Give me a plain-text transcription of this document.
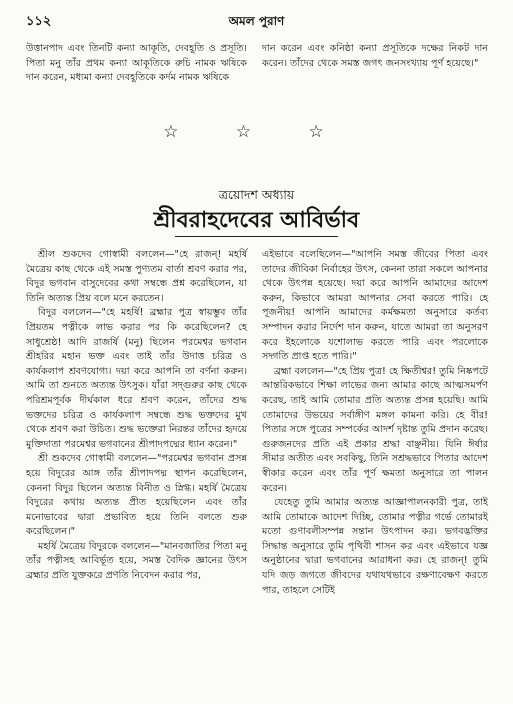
১১২	অমল পুরাণ

উত্তানপাদ এবং তিনটি কন্যা আকূতি, দেবহূতি ও প্রসূতি। পিতা মনু তাঁর প্রথম কন্যা আকূতিকে রুচি নামক ঋষিকে দান করেন, মধ্যমা কন্যা দেবহূতিকে কর্দম নামক ঋষিকে

দান করেন এবং কনিষ্ঠা কন্যা প্রসূতিকে দক্ষের নিকট দান করেন। তাঁদের থেকে সমস্ত জগৎ জনসংখ্যায় পূর্ণ হয়েছে।"

☆ ☆ ☆
ত্রয়োদশ অধ্যায়
শ্রীবরাহদেবের আবির্ভাব

শ্রীল শুকদেব গোস্বামী বললেন—"হে রাজন্! মহর্ষি মৈত্রেয় কাছ থেকে এই সমস্ত পুণ্যতম বার্তা শ্রবণ করার পর, বিদুর ভগবান বাসুদেবের কথা সম্বন্ধে প্রশ্ন করেছিলেন, যা তিনি অত্যন্ত প্রিয় বলে মনে করতেন।

বিদুর বললেন—"হে মহর্ষি! ব্রহ্মার পুত্র স্বায়ম্ভুব তাঁর প্রিয়তম পত্নীকে লাভ করার পর কি করেছিলেন? হে সাধুশ্রেষ্ঠ! আদি রাজর্ষি (মনু) ছিলেন পরমেশ্বর ভগবান শ্রীহরির মহান ভক্ত এবং তাই তাঁর উদাত্ত চরিত্র ও কার্যকলাপ শ্রবণযোগ্য। দয়া করে আপনি তা বর্ণনা করুন। আমি তা শুনতে অত্যন্ত উৎসুক। যাঁরা সদ্গুরুর কাছ থেকে পরিশ্রমপূর্বক দীর্ঘকাল ধরে শ্রবণ করেন, তাঁদের শুদ্ধ ভক্তদের চরিত্র ও কার্যকলাপ সম্বন্ধে শুদ্ধ ভক্তদের মুখ থেকে শ্রবণ করা উচিত। শুদ্ধ ভক্তেরা নিরন্তর তাঁদের হৃদয়ে মুক্তিদাতা পরমেশ্বর ভগবানের শ্রীপাদপদ্মের ধ্যান করেন।"

শ্রী শুকদেব গোস্বামী বললেন—"পরমেশ্বর ভগবান প্রসন্ন হয়ে বিদুরের আঙ্গ তাঁর শ্রীপাদপদ্ম স্থাপন করেছিলেন, কেননা বিদুর ছিলেন অত্যন্ত বিনীত ও স্নিগ্ধ। মহর্ষি মৈত্রেয় বিদুরের কথায় অত্যন্ত প্রীত হয়েছিলেন এবং তাঁর মনোভাবের দ্বারা প্রভাবিত হয়ে তিনি বলতে শুরু করেছিলেন।"

মহর্ষি মৈত্রেয় বিদুরকে বললেন—"মানবজাতির পিতা মনু তাঁর পত্নীসহ আবির্ভূত হয়ে, সমস্ত বৈদিক জ্ঞানের উৎস ব্রহ্মার প্রতি যুক্তকরে প্রণতি নিবেদন করার পর,

এইভাবে বলেছিলেন—"আপনি সমস্ত জীবের পিতা এবং তাদের জীবিকা নির্বাহের উৎস, কেননা তারা সকলে আপনার থেকে উৎপন্ন হয়েছে। দয়া করে আপনি আমাদের আদেশ করুন, কিভাবে আমরা আপনার সেবা করতে পারি। হে পূজনীয়! আপনি আমাদের কর্মক্ষমতা অনুসারে কর্তব্য সম্পাদন করার নির্দেশ দান করুন, যাতে আমরা তা অনুসরণ করে ইহলোকে যশোলাভ করতে পারি এবং পরলোকে সদ্গতি প্রাপ্ত হতে পারি।"

ব্রহ্মা বললেন—"হে প্রিয় পুত্র! হে ক্ষিতীশ্বর! তুমি নিষ্কপটে আন্তরিকভাবে শিক্ষা লাভের জন্য আমার কাছে আত্মসমর্পণ করেছ, তাই আমি তোমার প্রতি অত্যন্ত প্রসন্ন হয়েছি। আমি তোমাদের উভয়ের সর্বাঙ্গীণ মঙ্গল কামনা করি। হে বীর! পিতার সঙ্গে পুত্রের সম্পর্কের আদর্শ দৃষ্টান্ত তুমি প্রদান করেছ। গুরুজনদের প্রতি এই প্রকার শ্রদ্ধা বাঞ্ছনীয়। যিনি ঈর্ষার সীমার অতীত এবং সবকিছু, তিনি সশ্রদ্ধভাবে পিতার আদেশ স্বীকার করেন এবং তাঁর পূর্ণ ক্ষমতা অনুসারে তা পালন করেন।

যেহেতু তুমি আমার অত্যন্ত আজ্ঞাপালনকারী পুত্র, তাই আমি তোমাকে আদেশ দিচ্ছি, তোমার পত্নীর গর্ভে তোমারই মতো গুণাবলীসম্পন্ন সন্তান উৎপাদন কর। ভগবদ্ভক্তির সিদ্ধান্ত অনুসারে তুমি পৃথিবী শাসন কর এবং এইভাবে যজ্ঞ অনুষ্ঠানের দ্বারা ভগবানের আরাধনা কর। হে রাজন্! তুমি যদি জড় জগতে জীবদের যথাযথভাবে রক্ষণাবেক্ষণ করতে পার, তাহলে সেটিই
